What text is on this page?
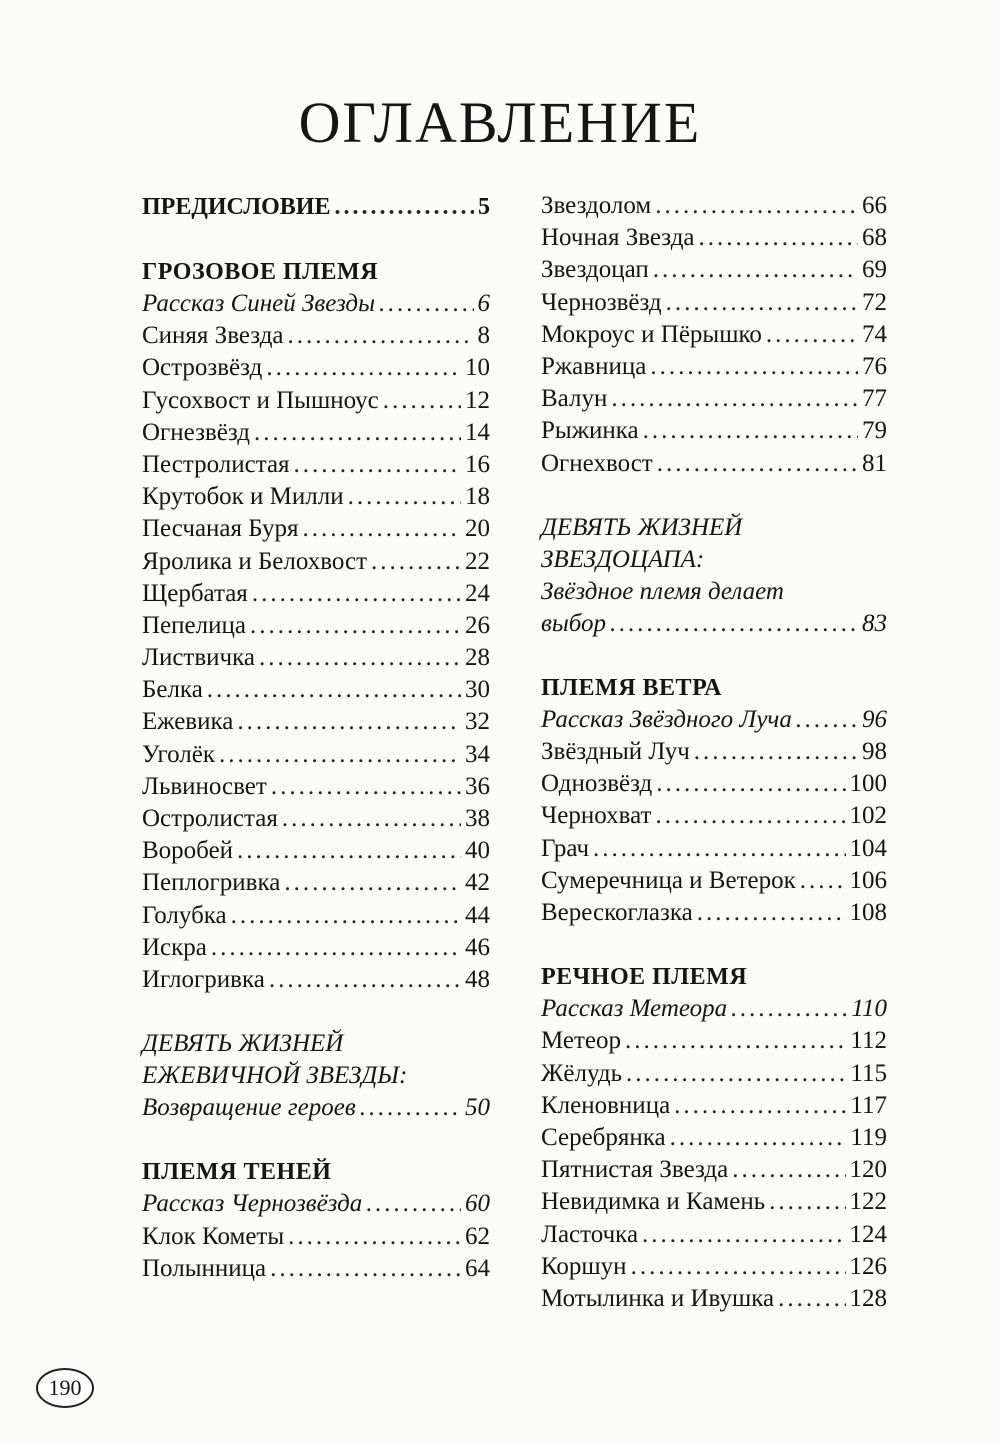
ОГЛАВЛЕНИЕ
ПРЕДИСЛОВИЕ .....	5
ГРОЗОВОЕ ПЛЕМЯ
Рассказ Синей Звезды .....	6
Синяя Звезда .....	8
Острозвёзд .....	10
Гусохвост и Пышноус .....	12
Огнезвёзд .....	14
Пестролистая .....	16
Крутобок и Милли .....	18
Песчаная Буря .....	20
Яролика и Белохвост .....	22
Щербатая .....	24
Пепелица .....	26
Листвичка .....	28
Белка .....	30
Ежевика .....	32
Уголёк .....	34
Львиносвет .....	36
Остролистая .....	38
Воробей .....	40
Пеплогривка .....	42
Голубка .....	44
Искра .....	46
Иглогривка .....	48

ДЕВЯТЬ ЖИЗНЕЙ

ЕЖЕВИЧНОЙ ЗВЕЗДЫ:

Возвращение героев .....	50
ПЛЕМЯ ТЕНЕЙ
Рассказ Чернозвёзда .....	60
Клок Кометы .....	62
Полынница .....	64
Звездолом .....	66
Ночная Звезда .....	68
Звездоцап .....	69
Чернозвёзд .....	72
Мокроус и Пёрышко .....	74
Ржавница .....	76
Валун .....	77
Рыжинка .....	79
Огнехвост .....	81

ДЕВЯТЬ ЖИЗНЕЙ

ЗВЕЗДОЦАПА:

Звёздное племя делает

выбор .....	83
ПЛЕМЯ ВЕТРА
Рассказ Звёздного Луча .....	96
Звёздный Луч .....	98
Однозвёзд .....	100
Чернохват .....	102
Грач .....	104
Сумеречница и Ветерок ..... 106
Верескоглазка .....	108
РЕЧНОЕ ПЛЕМЯ
Рассказ Метеора .....	110
Метеор .....	112
Жёлудь .....	115
Кленовница .....	117
Серебрянка .....	119
Пятнистая Звезда .....	120
Невидимка и Камень .....	122
Ласточка .....	124
Коршун .....	126
Мотылинка и Ивушка .....	128
190
